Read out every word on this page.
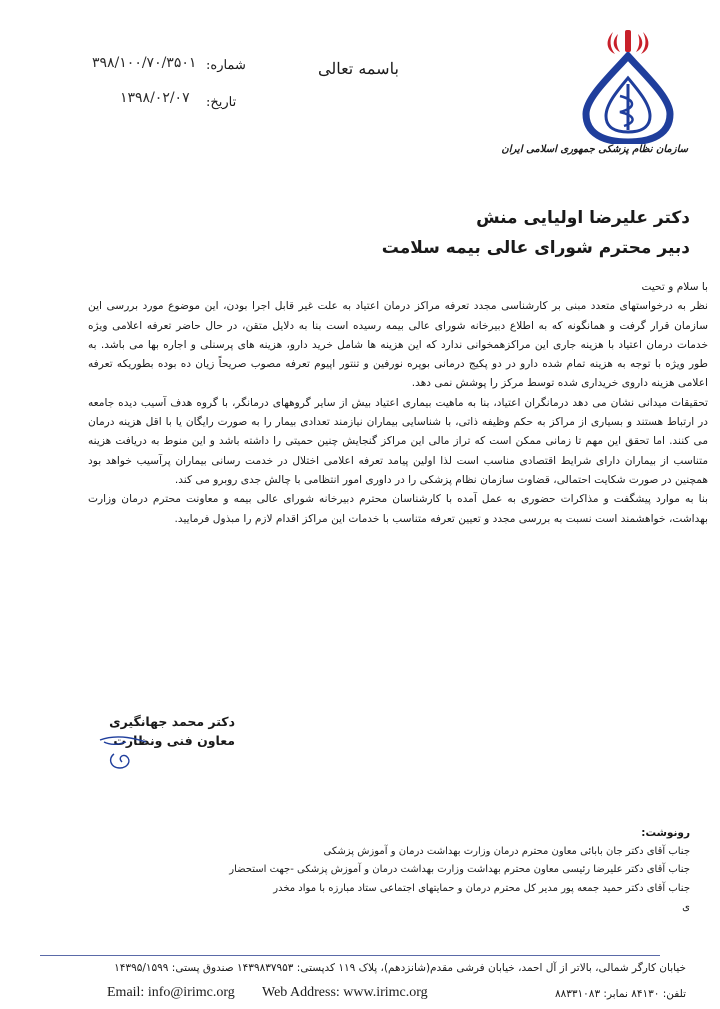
سازمان نظام پزشکی جمهوری اسلامی ایران
باسمه تعالی
شماره:
۳۹۸/۱۰۰/۷۰/۳۵۰۱
تاریخ:
۱۳۹۸/۰۲/۰۷
دکتر علیرضا اولیایی منش
دبیر محترم شورای عالی بیمه سلامت

با سلام و تحیت

نظر به درخواستهای متعدد مبنی بر کارشناسی مجدد تعرفه مراکز درمان اعتیاد به علت غیر قابل اجرا بودن، این موضوع مورد بررسی این سازمان قرار گرفت و همانگونه که به اطلاع دبیرخانه شورای عالی بیمه رسیده است بنا به دلایل متقن، در حال حاضر تعرفه اعلامی ویژه خدمات درمان اعتیاد با هزینه جاری این مراکزهمخوانی ندارد که این هزینه ها شامل خرید دارو، هزینه های پرسنلی و اجاره بها می باشد. به طور ویژه با توجه به هزینه تمام شده دارو در دو پکیج درمانی بوپره نورفین و تنتور اپیوم تعرفه مصوب صریحاً زیان ده بوده بطوریکه تعرفه اعلامی هزینه داروی خریداری شده توسط مرکز را پوشش نمی دهد.

تحقیقات میدانی نشان می دهد درمانگران اعتیاد، بنا به ماهیت بیماری اعتیاد بیش از سایر گروههای درمانگر، با گروه هدف آسیب دیده جامعه در ارتباط هستند و بسیاری از مراکز به حکم وظیفه ذاتی، با شناسایی بیماران نیازمند تعدادی بیمار را به صورت رایگان یا با اقل هزینه درمان می کنند. اما تحقق این مهم تا زمانی ممکن است که تراز مالی این مراکز گنجایش چنین حمیتی را داشته باشد و این منوط به دریافت هزینه متناسب از بیماران دارای شرایط اقتصادی مناسب است لذا اولین پیامد تعرفه اعلامی اختلال در خدمت رسانی بیماران پرآسیب خواهد بود همچنین در صورت شکایت احتمالی، قضاوت سازمان نظام پزشکی را در داوری امور انتظامی با چالش جدی روبرو می کند.

بنا به موارد پیشگفت و مذاکرات حضوری به عمل آمده با کارشناسان محترم دبیرخانه شورای عالی بیمه و معاونت محترم درمان وزارت بهداشت، خواهشمند است نسبت به بررسی مجدد و تعیین تعرفه متناسب با خدمات این مراکز اقدام لازم را مبذول فرمایید.

دکتر محمد جهانگیری
معاون فنی ونظارت
رونوشت:
جناب آقای دکتر جان بابائی معاون محترم درمان وزارت بهداشت درمان و آموزش پزشکی
جناب آقای دکتر علیرضا رئیسی معاون محترم بهداشت وزارت بهداشت درمان و آموزش پزشکی -جهت استحضار
جناب آقای دکتر حمید جمعه پور مدیر کل محترم درمان و حمایتهای اجتماعی ستاد مبارزه با مواد مخدر
ی
خیابان کارگر شمالی، بالاتر از آل احمد، خیابان فرشی مقدم(شانزدهم)، پلاک ۱۱۹ کدپستی: ۱۴۳۹۸۳۷۹۵۳ صندوق پستی: ۱۴۳۹۵/۱۵۹۹
Email: info@irimc.org Web Address: www.irimc.org	تلفن: ۸۴۱۳۰ نمابر: ۸۸۳۳۱۰۸۳
